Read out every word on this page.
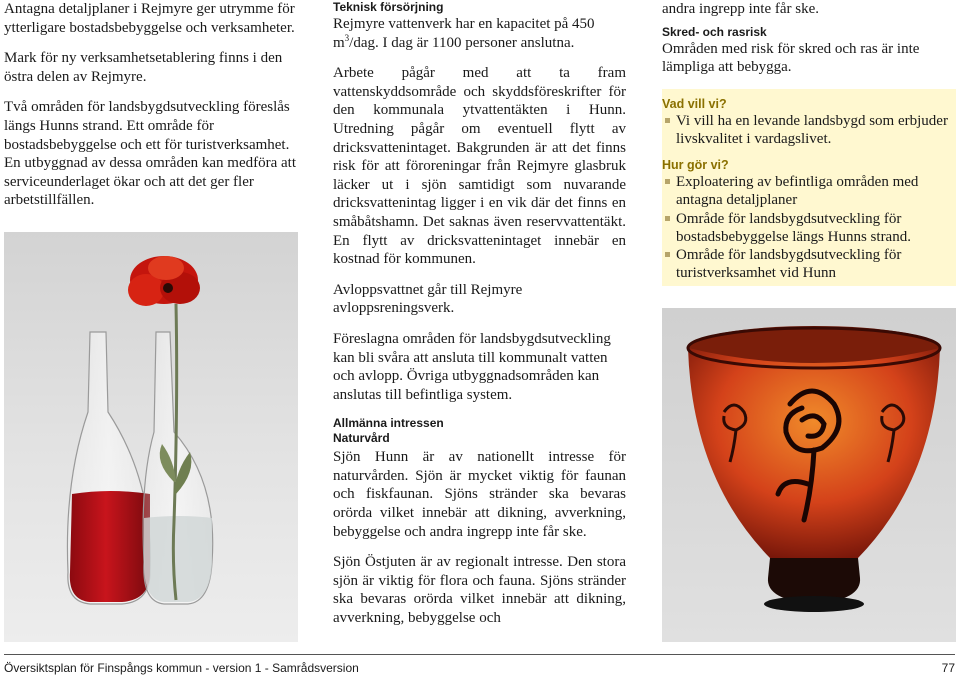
Antagna detaljplaner i Rejmyre ger utrymme för ytterligare bostadsbebyggelse och verksamheter.

Mark för ny verksamhetsetablering finns i den östra delen av Rejmyre.

Två områden för landsbygdsutveckling föreslås längs Hunns strand. Ett område för bostadsbebyggelse och ett för turistverksamhet. En utbyggnad av dessa områden kan medföra att serviceunderlaget ökar och att det ger fler arbetstillfällen.

Teknisk försörjning

Rejmyre vattenverk har en kapacitet på 450 $m^3$/dag. I dag är 1100 personer anslutna.

Arbete pågår med att ta fram vattenskyddsområde och skyddsföreskrifter för den kommunala ytvattentäkten i Hunn. Utredning pågår om eventuell flytt av dricksvattenintaget. Bakgrunden är att det finns risk för att föroreningar från Rejmyre glasbruk läcker ut i sjön samtidigt som nuvarande dricksvattenintag ligger i en vik där det finns en småbåtshamn. Det saknas även reservvattentäkt. En flytt av dricksvattenintaget innebär en kostnad för kommunen.

Avloppsvattnet går till Rejmyre avloppsreningsverk.

Föreslagna områden för landsbygdsutveckling kan bli svåra att ansluta till kommunalt vatten och avlopp. Övriga utbyggnadsområden kan anslutas till befintliga system.

Allmänna intressen

Naturvård

Sjön Hunn är av nationellt intresse för naturvården. Sjön är mycket viktig för faunan och fiskfaunan. Sjöns stränder ska bevaras orörda vilket innebär att dikning, avverkning, bebyggelse och andra ingrepp inte får ske.

Sjön Östjuten är av regionalt intresse. Den stora sjön är viktig för flora och fauna. Sjöns stränder ska bevaras orörda vilket innebär att dikning, avverkning, bebyggelse och

andra ingrepp inte får ske.

Skred- och rasrisk

Områden med risk för skred och ras är inte lämpliga att bebygga.

Vad vill vi?

Vi vill ha en levande landsbygd som erbjuder livskvalitet i vardagslivet.

Hur gör vi?

Exploatering av befintliga områden med antagna detaljplaner
Område för landsbygdsutveckling för bostadsbebyggelse längs Hunns strand.
Område för landsbygdsutveckling för turistverksamhet vid Hunn
Översiktsplan för Finspångs kommun - version 1 - Samrådsversion	77
